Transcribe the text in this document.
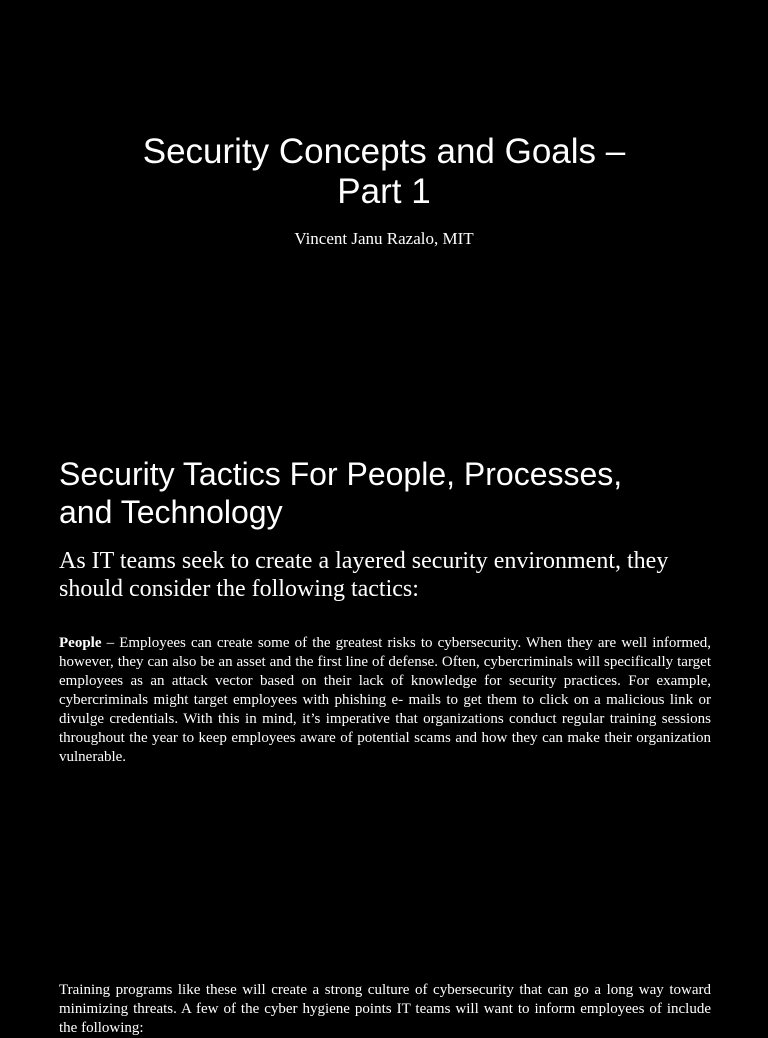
Security Concepts and Goals –
Part 1
Vincent Janu Razalo, MIT
Security Tactics For People, Processes,
and Technology

As IT teams seek to create a layered security environment, they should consider the following tactics:

People – Employees can create some of the greatest risks to cybersecurity. When they are well informed, however, they can also be an asset and the first line of defense. Often, cybercriminals will specifically target employees as an attack vector based on their lack of knowledge for security practices. For example, cybercriminals might target employees with phishing e- mails to get them to click on a malicious link or divulge credentials. With this in mind, it’s imperative that organizations conduct regular training sessions throughout the year to keep employees aware of potential scams and how they can make their organization vulnerable.

Training programs like these will create a strong culture of cybersecurity that can go a long way toward minimizing threats. A few of the cyber hygiene points IT teams will want to inform employees of include the following:
